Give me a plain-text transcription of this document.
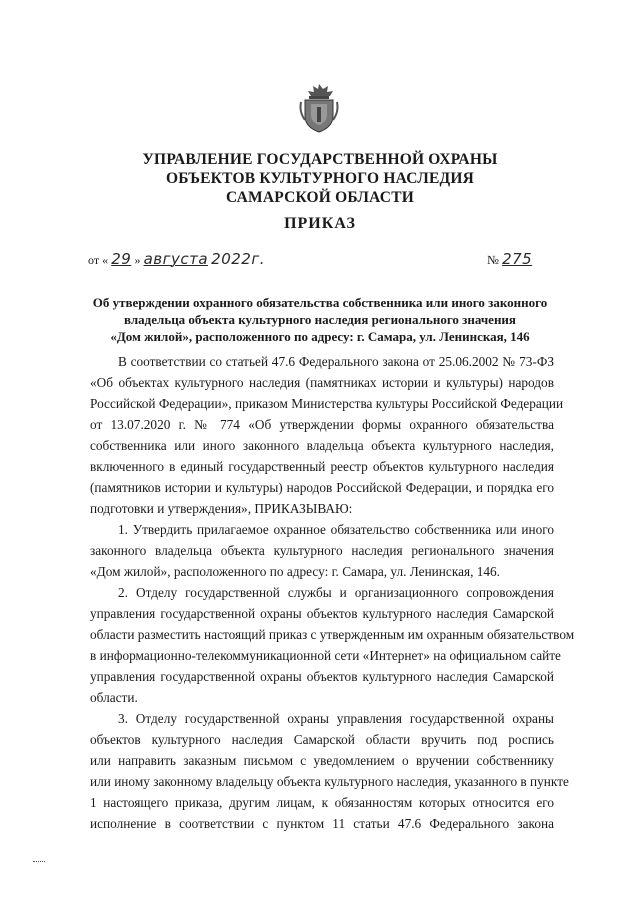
УПРАВЛЕНИЕ ГОСУДАРСТВЕННОЙ ОХРАНЫ
ОБЪЕКТОВ КУЛЬТУРНОГО НАСЛЕДИЯ
САМАРСКОЙ ОБЛАСТИ
ПРИКАЗ
от « 29 » августа 2022г.	№ 275
Об утверждении охранного обязательства собственника или иного законного
владельца объекта культурного наследия регионального значения
«Дом жилой», расположенного по адресу: г. Самара, ул. Ленинская, 146
В соответствии со статьей 47.6 Федерального закона от 25.06.2002 № 73-ФЗ
«Об объектах культурного наследия (памятниках истории и культуры) народов
Российской Федерации», приказом Министерства культуры Российской Федерации
от 13.07.2020 г. № 774 «Об утверждении формы охранного обязательства
собственника или иного законного владельца объекта культурного наследия,
включенного в единый государственный реестр объектов культурного наследия
(памятников истории и культуры) народов Российской Федерации, и порядка его
подготовки и утверждения», ПРИКАЗЫВАЮ:
1. Утвердить прилагаемое охранное обязательство собственника или иного
законного владельца объекта культурного наследия регионального значения
«Дом жилой», расположенного по адресу: г. Самара, ул. Ленинская, 146.
2. Отделу государственной службы и организационного сопровождения
управления государственной охраны объектов культурного наследия Самарской
области разместить настоящий приказ с утвержденным им охранным обязательством
в информационно-телекоммуникационной сети «Интернет» на официальном сайте
управления государственной охраны объектов культурного наследия Самарской
области.
3. Отделу государственной охраны управления государственной охраны
объектов культурного наследия Самарской области вручить под роспись
или направить заказным письмом с уведомлением о вручении собственнику
или иному законному владельцу объекта культурного наследия, указанного в пункте
1 настоящего приказа, другим лицам, к обязанностям которых относится его
исполнение в соответствии с пунктом 11 статьи 47.6 Федерального закона
